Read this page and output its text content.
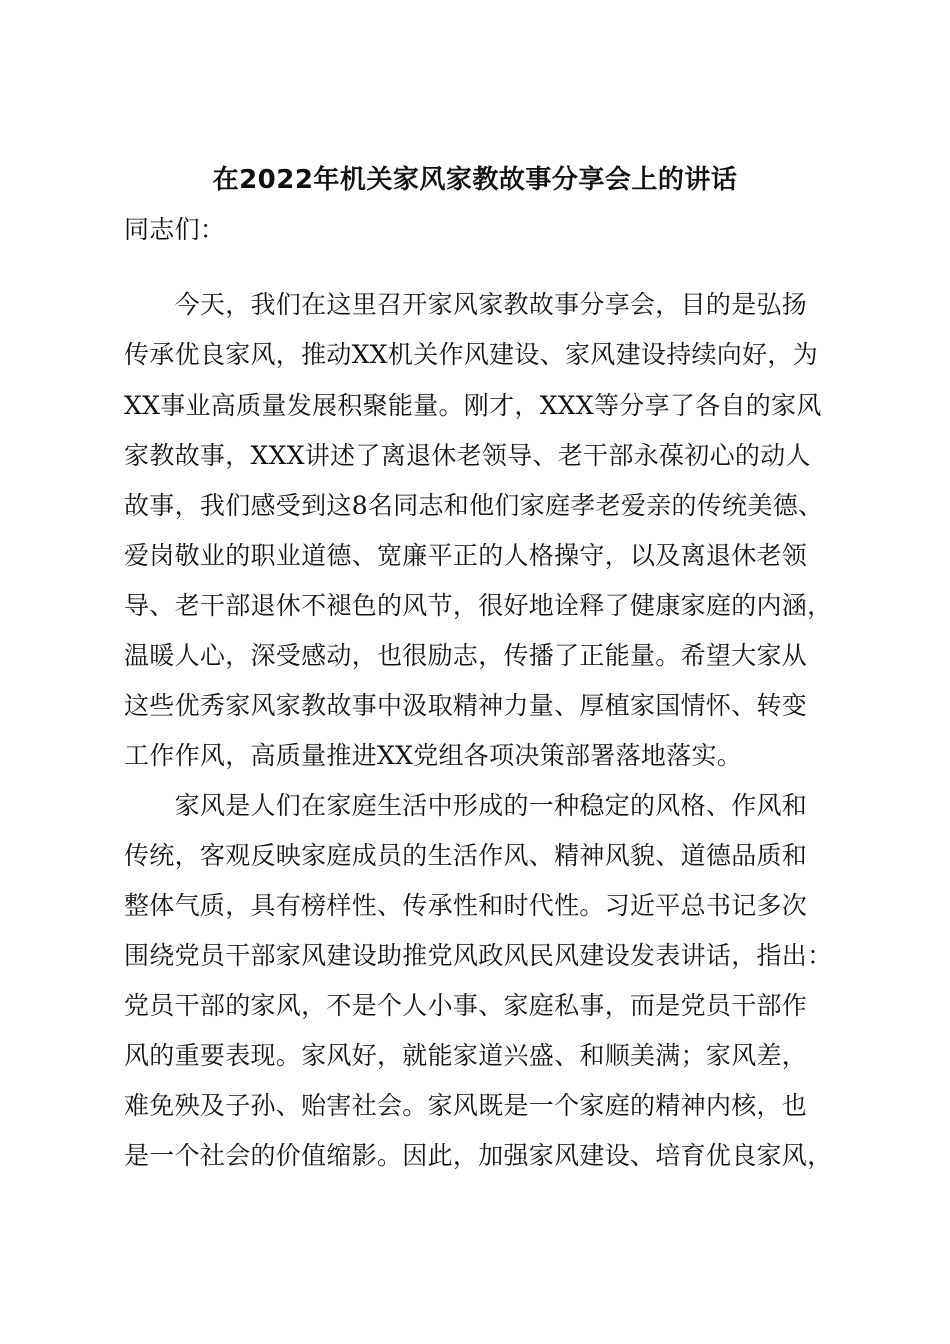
在2022年机关家风家教故事分享会上的讲话
同志们：
　　今天，我们在这里召开家风家教故事分享会，目的是弘扬
传承优良家风，推动XX机关作风建设、家风建设持续向好，为
XX事业高质量发展积聚能量。刚才，XXX等分享了各自的家风
家教故事，XXX讲述了离退休老领导、老干部永葆初心的动人
故事，我们感受到这8名同志和他们家庭孝老爱亲的传统美德、
爱岗敬业的职业道德、宽廉平正的人格操守，以及离退休老领
导、老干部退休不褪色的风节，很好地诠释了健康家庭的内涵，
温暖人心，深受感动，也很励志，传播了正能量。希望大家从
这些优秀家风家教故事中汲取精神力量、厚植家国情怀、转变
工作作风，高质量推进XX党组各项决策部署落地落实。
　　家风是人们在家庭生活中形成的一种稳定的风格、作风和
传统，客观反映家庭成员的生活作风、精神风貌、道德品质和
整体气质，具有榜样性、传承性和时代性。习近平总书记多次
围绕党员干部家风建设助推党风政风民风建设发表讲话，指出：
党员干部的家风，不是个人小事、家庭私事，而是党员干部作
风的重要表现。家风好，就能家道兴盛、和顺美满；家风差，
难免殃及子孙、贻害社会。家风既是一个家庭的精神内核，也
是一个社会的价值缩影。因此，加强家风建设、培育优良家风，
